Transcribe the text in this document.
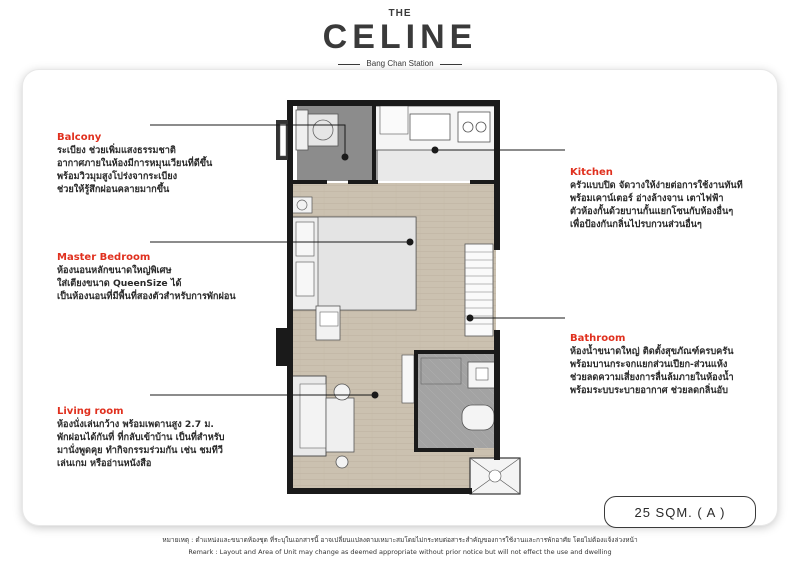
THE
CELINE
Bang Chan Station
Balcony
ระเบียง ช่วยเพิ่มแสงธรรมชาติ
อากาศภายในห้องมีการหมุนเวียนที่ดีขึ้น
พร้อมวิวมุมสูงโปร่งจากระเบียง
ช่วยให้รู้สึกผ่อนคลายมากขึ้น
Master Bedroom
ห้องนอนหลักขนาดใหญ่พิเศษ
ใส่เตียงขนาด QueenSize ได้
เป็นห้องนอนที่มีพื้นที่สองตัวสำหรับการพักผ่อน
Living room
ห้องนั่งเล่นกว้าง พร้อมเพดานสูง 2.7 ม.
พักผ่อนได้กันที่ ที่กลับเข้าบ้าน เป็นที่สำหรับ
มานั่งพูดคุย ทำกิจกรรมร่วมกัน เช่น ชมทีวี
เล่นเกม หรืออ่านหนังสือ
Kitchen
ครัวแบบปิด จัดวางให้ง่ายต่อการใช้งานทันที
พร้อมเคาน์เตอร์ อ่างล้างจาน เตาไฟฟ้า
ตัวห้องกั้นด้วยบานกั้นแยกโซนกับห้องอื่นๆ
เพื่อป้องกันกลิ่นไปรบกวนส่วนอื่นๆ
Bathroom
ห้องน้ำขนาดใหญ่ ติดตั้งสุขภัณฑ์ครบครัน
พร้อมบานกระจกแยกส่วนเปียก-ส่วนแห้ง
ช่วยลดความเสี่ยงการลื่นล้มภายในห้องน้ำ
พร้อมระบบระบายอากาศ ช่วยลดกลิ่นอับ
25 SQM. ( A )
หมายเหตุ : ตำแหน่งและขนาดห้องชุด ที่ระบุในเอกสารนี้ อาจเปลี่ยนแปลงตามเหมาะสมโดยไม่กระทบต่อสาระสำคัญของการใช้งานและการพักอาศัย โดยไม่ต้องแจ้งล่วงหน้า
Remark : Layout and Area of Unit may change as deemed appropriate without prior notice but will not effect the use and dwelling
